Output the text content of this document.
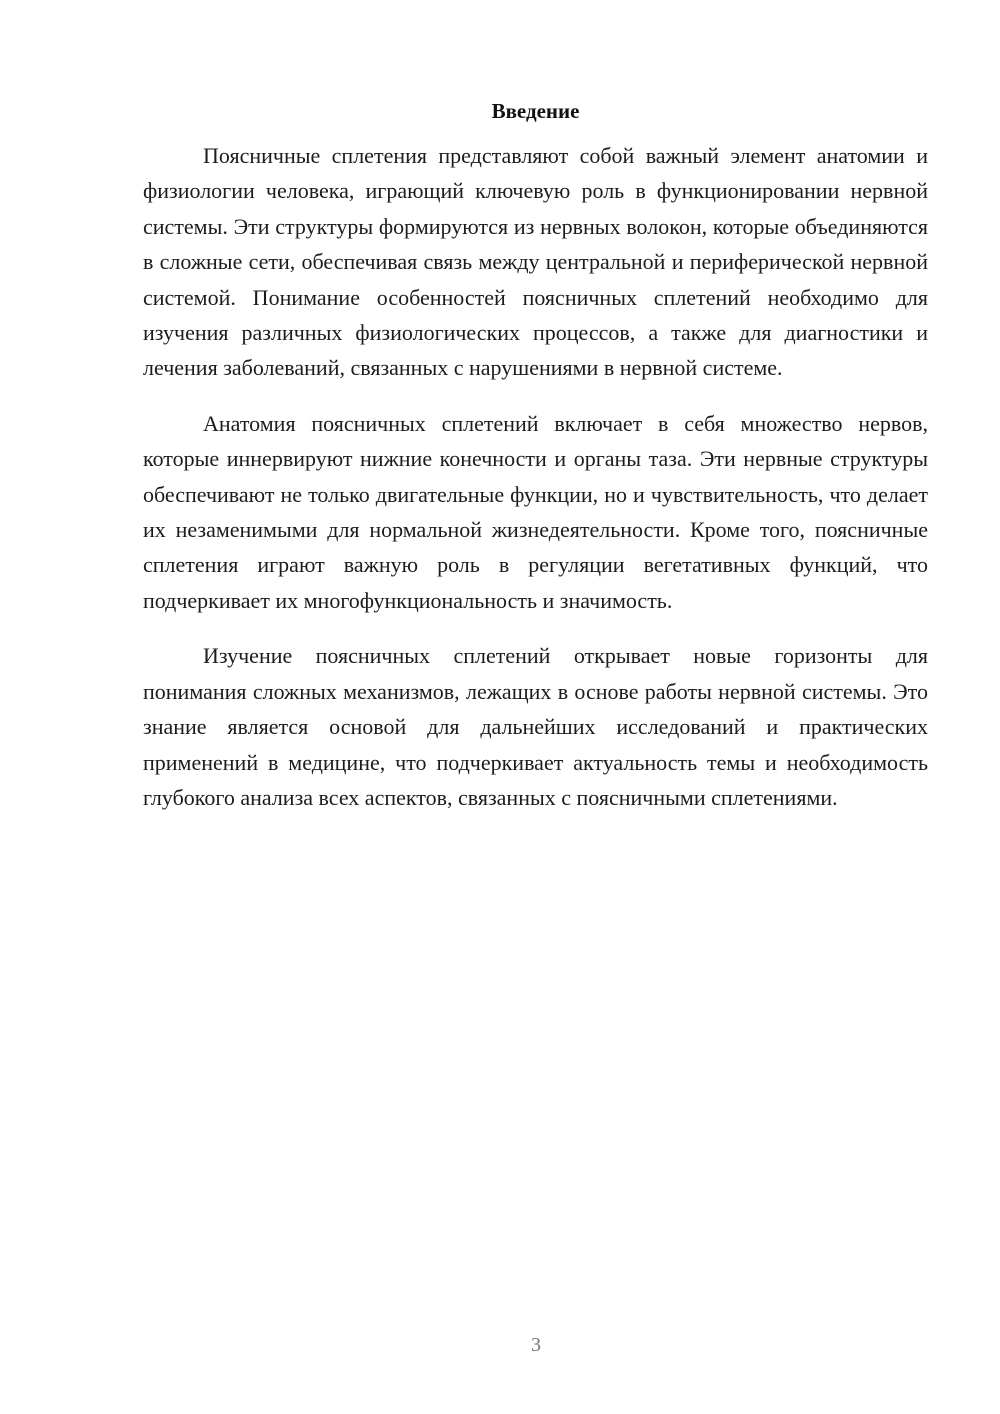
Введение

Поясничные сплетения представляют собой важный элемент анатомии и физиологии человека, играющий ключевую роль в функционировании нервной системы. Эти структуры формируются из нервных волокон, которые объединяются в сложные сети, обеспечивая связь между центральной и периферической нервной системой. Понимание особенностей поясничных сплетений необходимо для изучения различных физиологических процессов, а также для диагностики и лечения заболеваний, связанных с нарушениями в нервной системе.

Анатомия поясничных сплетений включает в себя множество нервов, которые иннервируют нижние конечности и органы таза. Эти нервные структуры обеспечивают не только двигательные функции, но и чувствительность, что делает их незаменимыми для нормальной жизнедеятельности. Кроме того, поясничные сплетения играют важную роль в регуляции вегетативных функций, что подчеркивает их многофункциональность и значимость.

Изучение поясничных сплетений открывает новые горизонты для понимания сложных механизмов, лежащих в основе работы нервной системы. Это знание является основой для дальнейших исследований и практических применений в медицине, что подчеркивает актуальность темы и необходимость глубокого анализа всех аспектов, связанных с поясничными сплетениями.

3
